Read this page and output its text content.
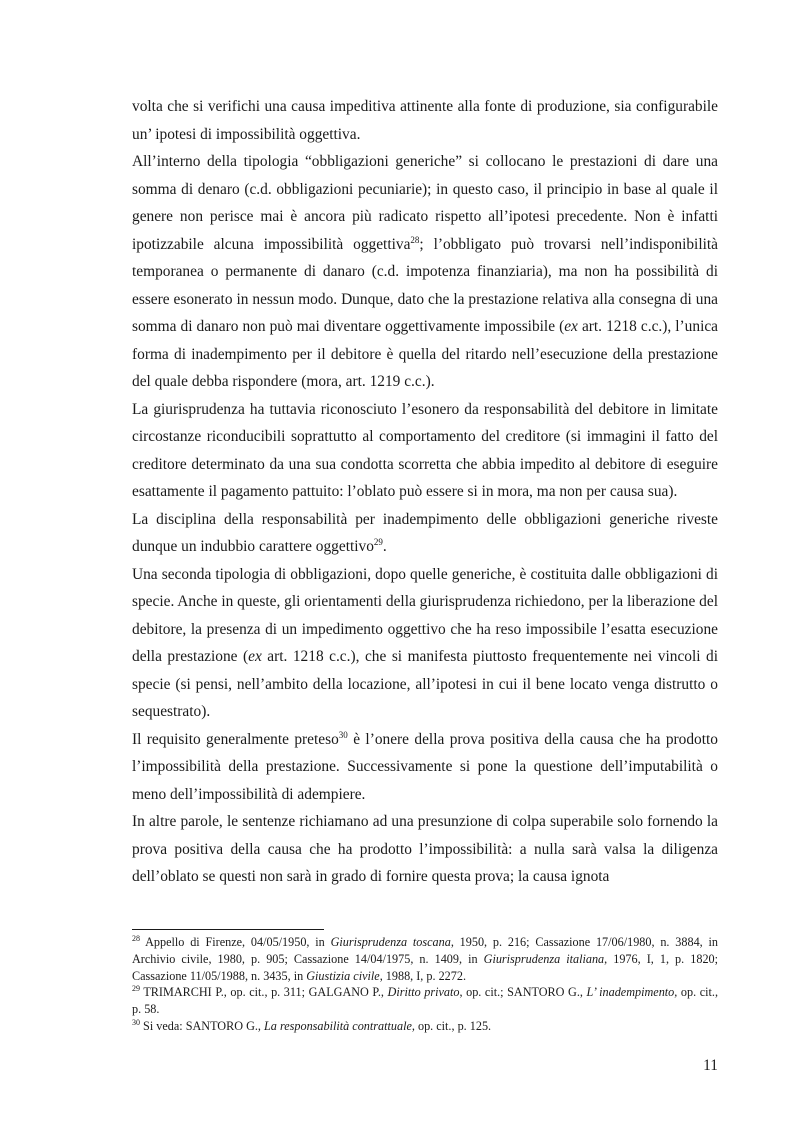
volta che si verifichi una causa impeditiva attinente alla fonte di produzione, sia configurabile un’ ipotesi di impossibilità oggettiva.

All’interno della tipologia “obbligazioni generiche” si collocano le prestazioni di dare una somma di denaro (c.d. obbligazioni pecuniarie); in questo caso, il principio in base al quale il genere non perisce mai è ancora più radicato rispetto all’ipotesi precedente. Non è infatti ipotizzabile alcuna impossibilità oggettiva$^{28}$; l’obbligato può trovarsi nell’indisponibilità temporanea o permanente di danaro (c.d. impotenza finanziaria), ma non ha possibilità di essere esonerato in nessun modo. Dunque, dato che la prestazione relativa alla consegna di una somma di danaro non può mai diventare oggettivamente impossibile (ex art. 1218 c.c.), l’unica forma di inadempimento per il debitore è quella del ritardo nell’esecuzione della prestazione del quale debba rispondere (mora, art. 1219 c.c.).

La giurisprudenza ha tuttavia riconosciuto l’esonero da responsabilità del debitore in limitate circostanze riconducibili soprattutto al comportamento del creditore (si immagini il fatto del creditore determinato da una sua condotta scorretta che abbia impedito al debitore di eseguire esattamente il pagamento pattuito: l’oblato può essere si in mora, ma non per causa sua).

La disciplina della responsabilità per inadempimento delle obbligazioni generiche riveste dunque un indubbio carattere oggettivo$^{29}$.

Una seconda tipologia di obbligazioni, dopo quelle generiche, è costituita dalle obbligazioni di specie. Anche in queste, gli orientamenti della giurisprudenza richiedono, per la liberazione del debitore, la presenza di un impedimento oggettivo che ha reso impossibile l’esatta esecuzione della prestazione (ex art. 1218 c.c.), che si manifesta piuttosto frequentemente nei vincoli di specie (si pensi, nell’ambito della locazione, all’ipotesi in cui il bene locato venga distrutto o sequestrato).

Il requisito generalmente preteso$^{30}$ è l’onere della prova positiva della causa che ha prodotto l’impossibilità della prestazione. Successivamente si pone la questione dell’imputabilità o meno dell’impossibilità di adempiere.

In altre parole, le sentenze richiamano ad una presunzione di colpa superabile solo fornendo la prova positiva della causa che ha prodotto l’impossibilità: a nulla sarà valsa la diligenza dell’oblato se questi non sarà in grado di fornire questa prova; la causa ignota

$^{28}$ Appello di Firenze, 04/05/1950, in Giurisprudenza toscana, 1950, p. 216; Cassazione 17/06/1980, n. 3884, in Archivio civile, 1980, p. 905; Cassazione 14/04/1975, n. 1409, in Giurisprudenza italiana, 1976, I, 1, p. 1820; Cassazione 11/05/1988, n. 3435, in Giustizia civile, 1988, I, p. 2272.

$^{29}$ TRIMARCHI P., op. cit., p. 311; GALGANO P., Diritto privato, op. cit.; SANTORO G., L’ inadempimento, op. cit., p. 58.

$^{30}$ Si veda: SANTORO G., La responsabilità contrattuale, op. cit., p. 125.

11
